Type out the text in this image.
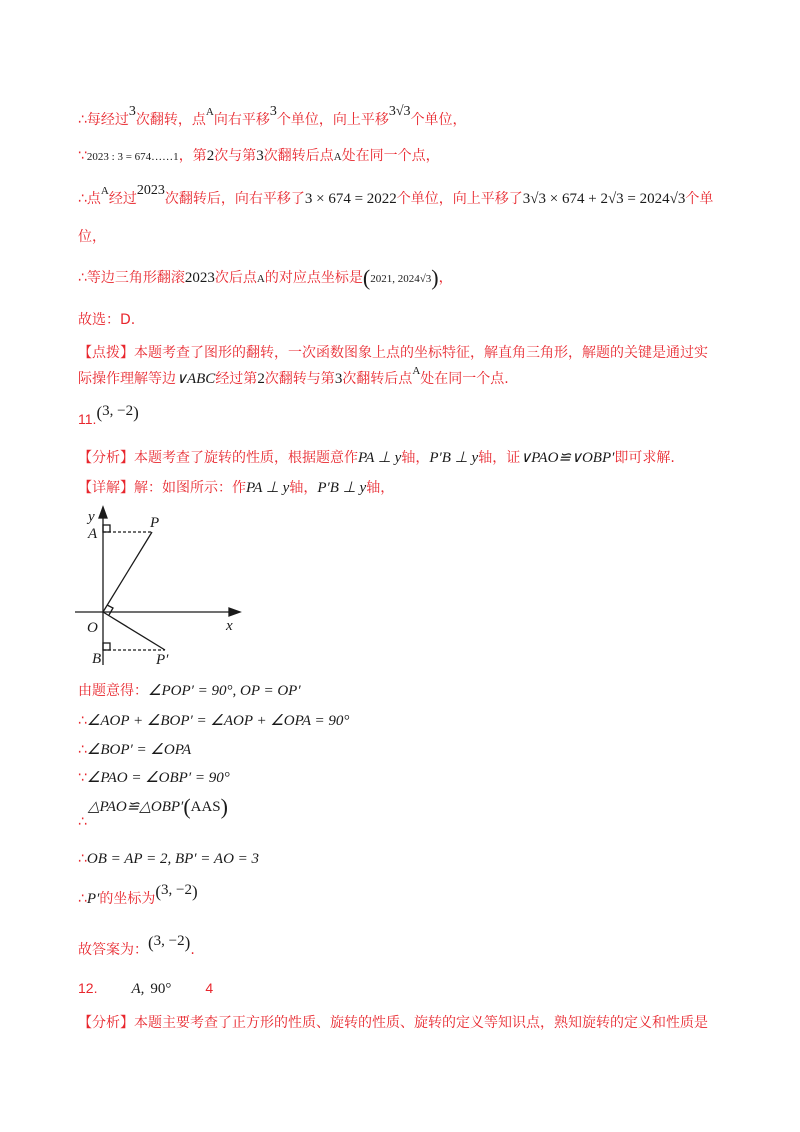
∴每经过3次翻转，点$^A$向右平移3个单位，向上平移3√3个单位，
∵2023 : 3 = 674……1，第2次与第3次翻转后点A处在同一个点，
∴点$^A$经过2023次翻转后，向右平移了3 × 674 = 2022个单位，向上平移了3√3 × 674 + 2√3 = 2024√3个单
位，
∴等边三角形翻滚2023次后点A的对应点坐标是(2021, 2024√3)，
故选：D.
【点拨】本题考查了图形的翻转，一次函数图象上点的坐标特征，解直角三角形，解题的关键是通过实
际操作理解等边∨ABC经过第2次翻转与第3次翻转后点$^A$处在同一个点.
11.(3, −2)
【分析】本题考查了旋转的性质，根据题意作PA ⊥ y轴，P′B ⊥ y轴，证∨PAO≌∨OBP′即可求解.
【详解】解：如图所示：作PA ⊥ y轴，P′B ⊥ y轴，
y
A
P
x
O
B	P′
由题意得：∠POP′ = 90°, OP = OP′
∴∠AOP + ∠BOP′ = ∠AOP + ∠OPA = 90°
∴∠BOP′ = ∠OPA
∵∠PAO = ∠OBP′ = 90°
△PAO≌△OBP′(AAS)
∴
∴OB = AP = 2, BP′ = AO = 3
∴P′的坐标为(3, −2)
故答案为：(3, −2).
12. A, 90° 4
【分析】本题主要考查了正方形的性质、旋转的性质、旋转的定义等知识点，熟知旋转的定义和性质是
